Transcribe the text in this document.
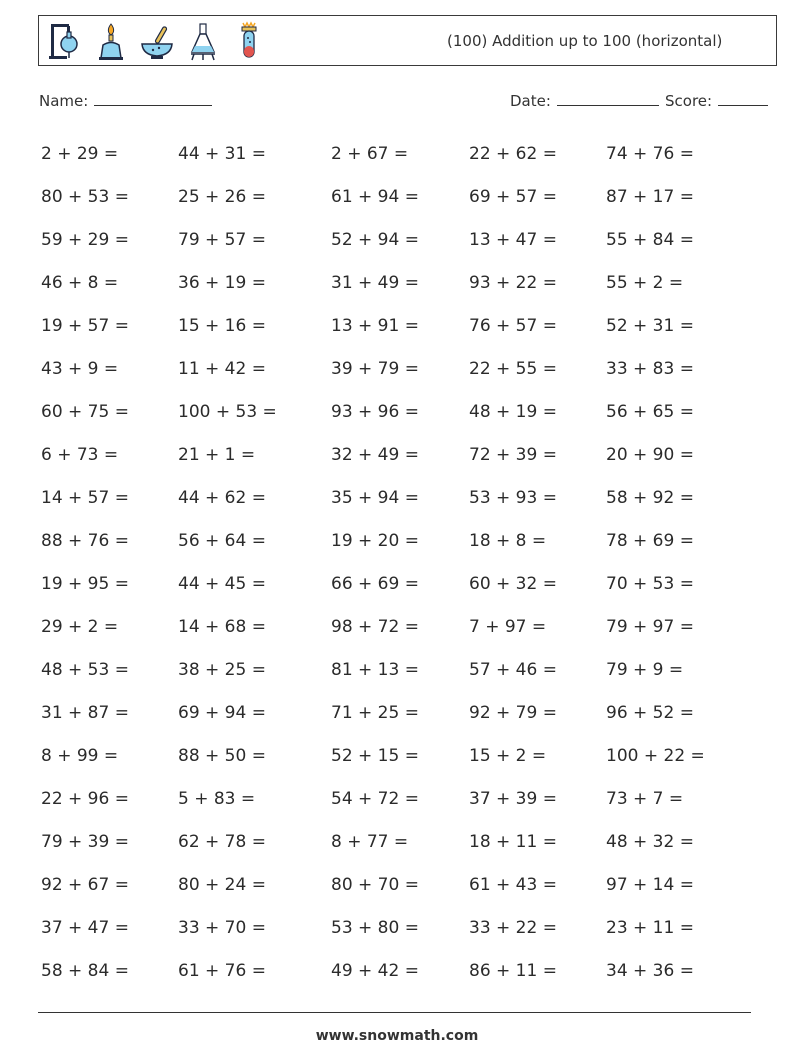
(100) Addition up to 100 (horizontal)
Name:	Date:	Score:
2 + 29 =	44 + 31 =	2 + 67 =	22 + 62 =	74 + 76 =
80 + 53 =	25 + 26 =	61 + 94 =	69 + 57 =	87 + 17 =
59 + 29 =	79 + 57 =	52 + 94 =	13 + 47 =	55 + 84 =
46 + 8 =	36 + 19 =	31 + 49 =	93 + 22 =	55 + 2 =
19 + 57 =	15 + 16 =	13 + 91 =	76 + 57 =	52 + 31 =
43 + 9 =	11 + 42 =	39 + 79 =	22 + 55 =	33 + 83 =
60 + 75 =	100 + 53 =	93 + 96 =	48 + 19 =	56 + 65 =
6 + 73 =	21 + 1 =	32 + 49 =	72 + 39 =	20 + 90 =
14 + 57 =	44 + 62 =	35 + 94 =	53 + 93 =	58 + 92 =
88 + 76 =	56 + 64 =	19 + 20 =	18 + 8 =	78 + 69 =
19 + 95 =	44 + 45 =	66 + 69 =	60 + 32 =	70 + 53 =
29 + 2 =	14 + 68 =	98 + 72 =	7 + 97 =	79 + 97 =
48 + 53 =	38 + 25 =	81 + 13 =	57 + 46 =	79 + 9 =
31 + 87 =	69 + 94 =	71 + 25 =	92 + 79 =	96 + 52 =
8 + 99 =	88 + 50 =	52 + 15 =	15 + 2 =	100 + 22 =
22 + 96 =	5 + 83 =	54 + 72 =	37 + 39 =	73 + 7 =
79 + 39 =	62 + 78 =	8 + 77 =	18 + 11 =	48 + 32 =
92 + 67 =	80 + 24 =	80 + 70 =	61 + 43 =	97 + 14 =
37 + 47 =	33 + 70 =	53 + 80 =	33 + 22 =	23 + 11 =
58 + 84 =	61 + 76 =	49 + 42 =	86 + 11 =	34 + 36 =
www.snowmath.com
